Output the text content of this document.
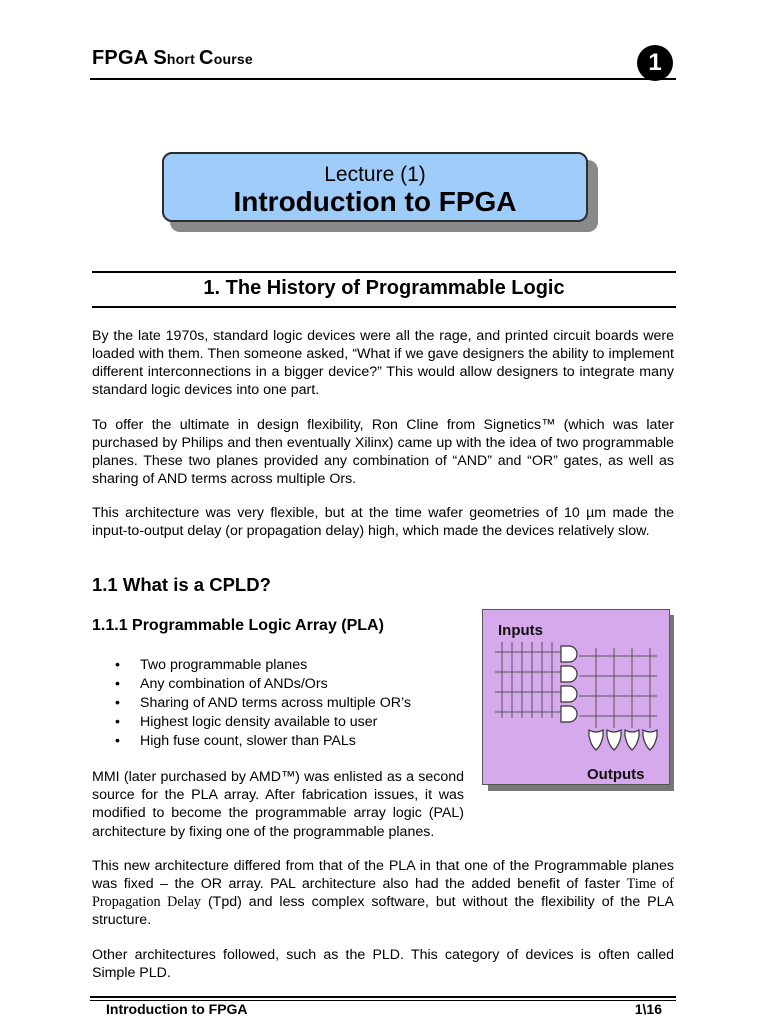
FPGA Short Course	1
Lecture (1)
Introduction to FPGA
1. The History of Programmable Logic
By the late 1970s, standard logic devices were all the rage, and printed circuit boards were loaded with them. Then someone asked, “What if we gave designers the ability to implement different interconnections in a bigger device?” This would allow designers to integrate many standard logic devices into one part.
To offer the ultimate in design flexibility, Ron Cline from Signetics™ (which was later purchased by Philips and then eventually Xilinx) came up with the idea of two programmable planes. These two planes provided any combination of “AND” and “OR” gates, as well as sharing of AND terms across multiple Ors.
This architecture was very flexible, but at the time wafer geometries of 10 µm made the input-to-output delay (or propagation delay) high, which made the devices relatively slow.
1.1 What is a CPLD?
1.1.1 Programmable Logic Array (PLA)
• Two programmable planes
• Any combination of ANDs/Ors
• Sharing of AND terms across multiple OR’s
• Highest logic density available to user
• High fuse count, slower than PALs
MMI (later purchased by AMD™) was enlisted as a second source for the PLA array. After fabrication issues, it was modified to become the programmable array logic (PAL) architecture by fixing one of the programmable planes.
This new architecture differed from that of the PLA in that one of the Programmable planes was fixed – the OR array. PAL architecture also had the added benefit of faster Time of Propagation Delay (Tpd) and less complex software, but without the flexibility of the PLA structure.
Other architectures followed, such as the PLD. This category of devices is often called Simple PLD.
Inputs
Outputs
Introduction to FPGA	1\16
